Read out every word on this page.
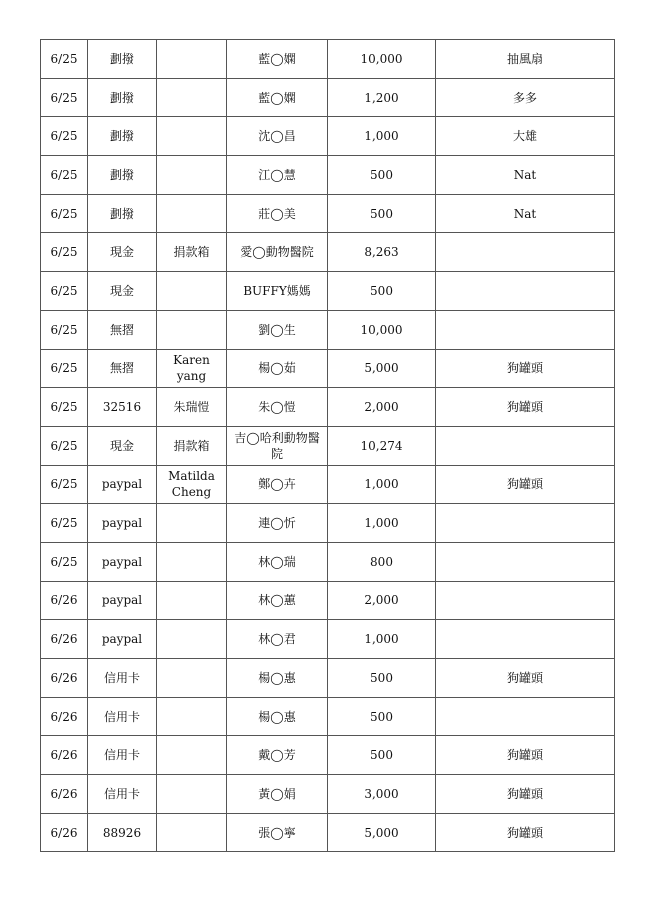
6/25	劃撥		藍◯嫻	10,000	抽風扇
6/25	劃撥		藍◯嫻	1,200	多多
6/25	劃撥		沈◯昌	1,000	大雄
6/25	劃撥		江◯慧	500	Nat
6/25	劃撥		莊◯美	500	Nat
6/25	現金	捐款箱	愛◯動物醫院	8,263	
6/25	現金		BUFFY媽媽	500	
6/25	無摺		劉◯生	10,000	
6/25	無摺	Karen yang	楊◯茹	5,000	狗罐頭
6/25	32516	朱瑞愷	朱◯愷	2,000	狗罐頭
6/25	現金	捐款箱	吉◯哈利動物醫院	10,274	
6/25	paypal	Matilda Cheng	鄭◯卉	1,000	狗罐頭
6/25	paypal		連◯忻	1,000	
6/25	paypal		林◯瑞	800	
6/26	paypal		林◯蕙	2,000	
6/26	paypal		林◯君	1,000	
6/26	信用卡		楊◯惠	500	狗罐頭
6/26	信用卡		楊◯惠	500	
6/26	信用卡		戴◯芳	500	狗罐頭
6/26	信用卡		黃◯娟	3,000	狗罐頭
6/26	88926		張◯寧	5,000	狗罐頭
